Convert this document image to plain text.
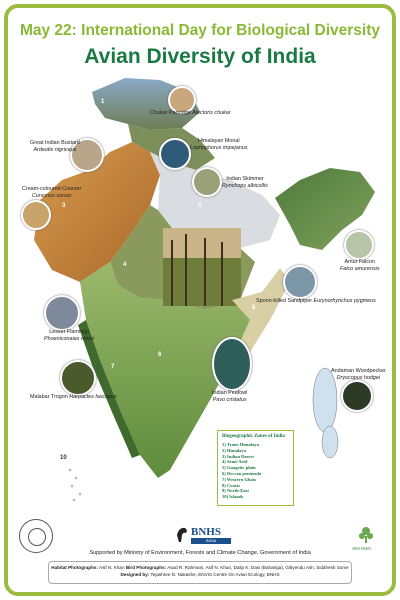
May 22: International Day for Biological Diversity
Avian Diversity of India
1
3
4
5
6
7
8
9
10
Chukar Partridge Alectoris chukar
Great Indian Bustard
Ardeotis nigriceps
Himalayan Monal
Lophophorus impejanus
Cream-coloured Courser
Cursorius cursor
Indian Skimmer
Rynchops albicollis
Amur Falcon
Falco amurensis
Spoon-billed Sandpiper Eurynorhynchus pygmeus
Lesser Flamingo
Phoeniconaias minor
Andaman Woodpecker
Dryocopus hodgei
Indian Peafowl
Pavo cristatus
Malabar Trogon Harpactes fasciatus
Biogeographic Zones of India
1) Trans-Himalaya
2) Himalaya
3) Indian Desert
4) Semi-Arid
5) Gangetic plain
6) Deccan peninsula
7) Western Ghats
8) Coasts
9) North-East
10) Islands
BNHS
INDIA
भारत सरकार
Supported by Ministry of Environment, Forests and Climate Change, Government of India
Habitat Photographs: Asif N. Khan Bird Photographs: Asad R. Rahmani, Asif N. Khan, Dalip K. Dasi (Bahariga), Gitiyendu Ash, Siddhesh Surve
Designed by: Tejashree D. Nakashe, ENVIS Centre On Avian Ecology, BNHS
